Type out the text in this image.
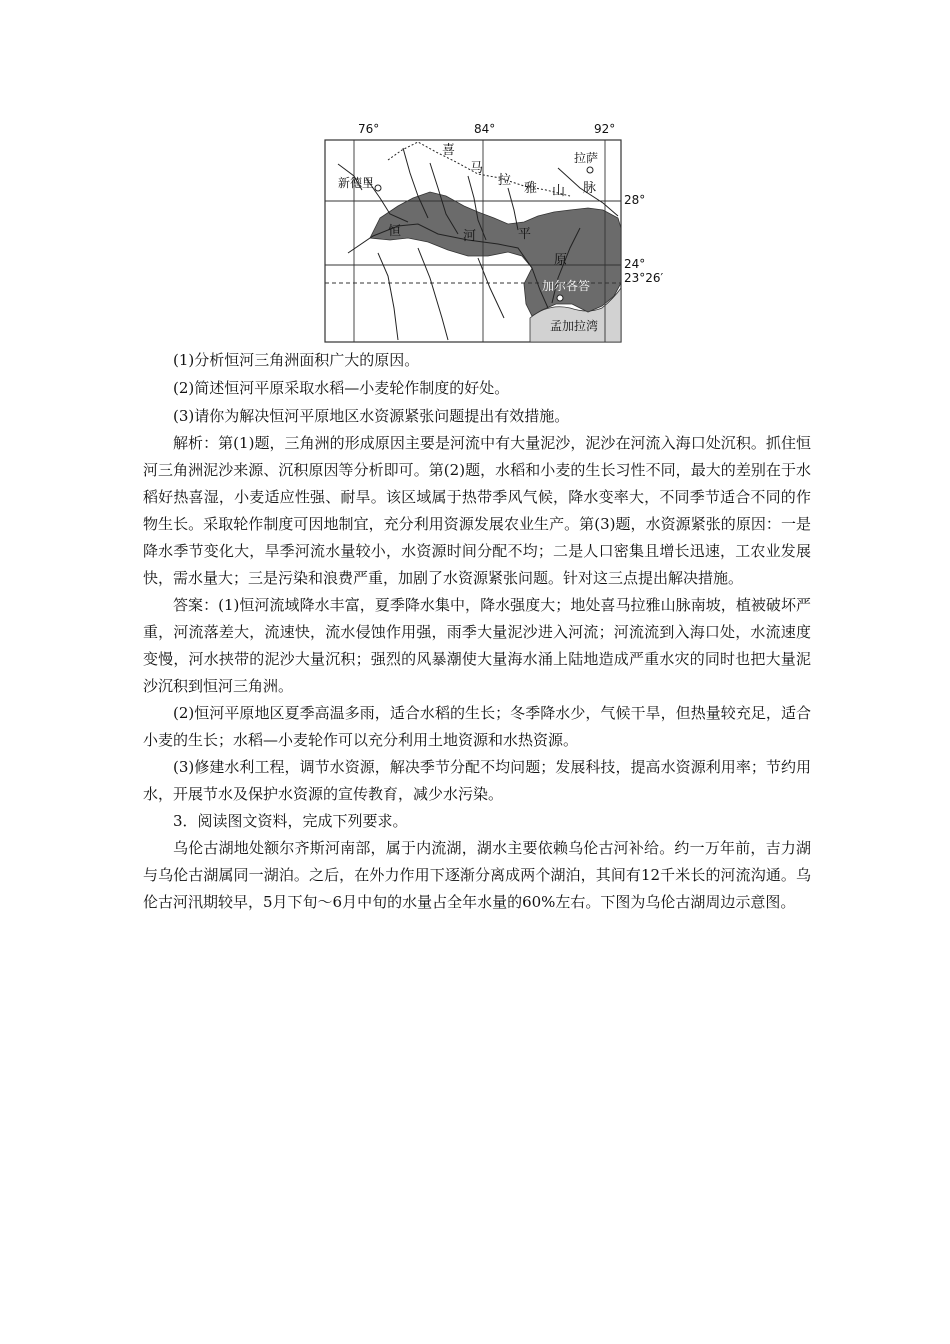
76°	84°	92°
新德里
拉萨
加尔各答
孟加拉湾
喜
马
拉
雅 山 脉
恒	河	平
原
28°
24°
23°26′

(1)分析恒河三角洲面积广大的原因。

(2)简述恒河平原采取水稻—小麦轮作制度的好处。

(3)请你为解决恒河平原地区水资源紧张问题提出有效措施。

解析：第(1)题，三角洲的形成原因主要是河流中有大量泥沙，泥沙在河流入海口处沉积。抓住恒河三角洲泥沙来源、沉积原因等分析即可。第(2)题，水稻和小麦的生长习性不同，最大的差别在于水稻好热喜湿，小麦适应性强、耐旱。该区域属于热带季风气候，降水变率大，不同季节适合不同的作物生长。采取轮作制度可因地制宜，充分利用资源发展农业生产。第(3)题，水资源紧张的原因：一是降水季节变化大，旱季河流水量较小，水资源时间分配不均；二是人口密集且增长迅速，工农业发展快，需水量大；三是污染和浪费严重，加剧了水资源紧张问题。针对这三点提出解决措施。

答案：(1)恒河流域降水丰富，夏季降水集中，降水强度大；地处喜马拉雅山脉南坡，植被破坏严重，河流落差大，流速快，流水侵蚀作用强，雨季大量泥沙进入河流；河流流到入海口处，水流速度变慢，河水挟带的泥沙大量沉积；强烈的风暴潮使大量海水涌上陆地造成严重水灾的同时也把大量泥沙沉积到恒河三角洲。

(2)恒河平原地区夏季高温多雨，适合水稻的生长；冬季降水少，气候干旱，但热量较充足，适合小麦的生长；水稻—小麦轮作可以充分利用土地资源和水热资源。

(3)修建水利工程，调节水资源，解决季节分配不均问题；发展科技，提高水资源利用率；节约用水，开展节水及保护水资源的宣传教育，减少水污染。

3．阅读图文资料，完成下列要求。

乌伦古湖地处额尔齐斯河南部，属于内流湖，湖水主要依赖乌伦古河补给。约一万年前，吉力湖与乌伦古湖属同一湖泊。之后，在外力作用下逐渐分离成两个湖泊，其间有12千米长的河流沟通。乌伦古河汛期较早，5月下旬～6月中旬的水量占全年水量的60%左右。下图为乌伦古湖周边示意图。
